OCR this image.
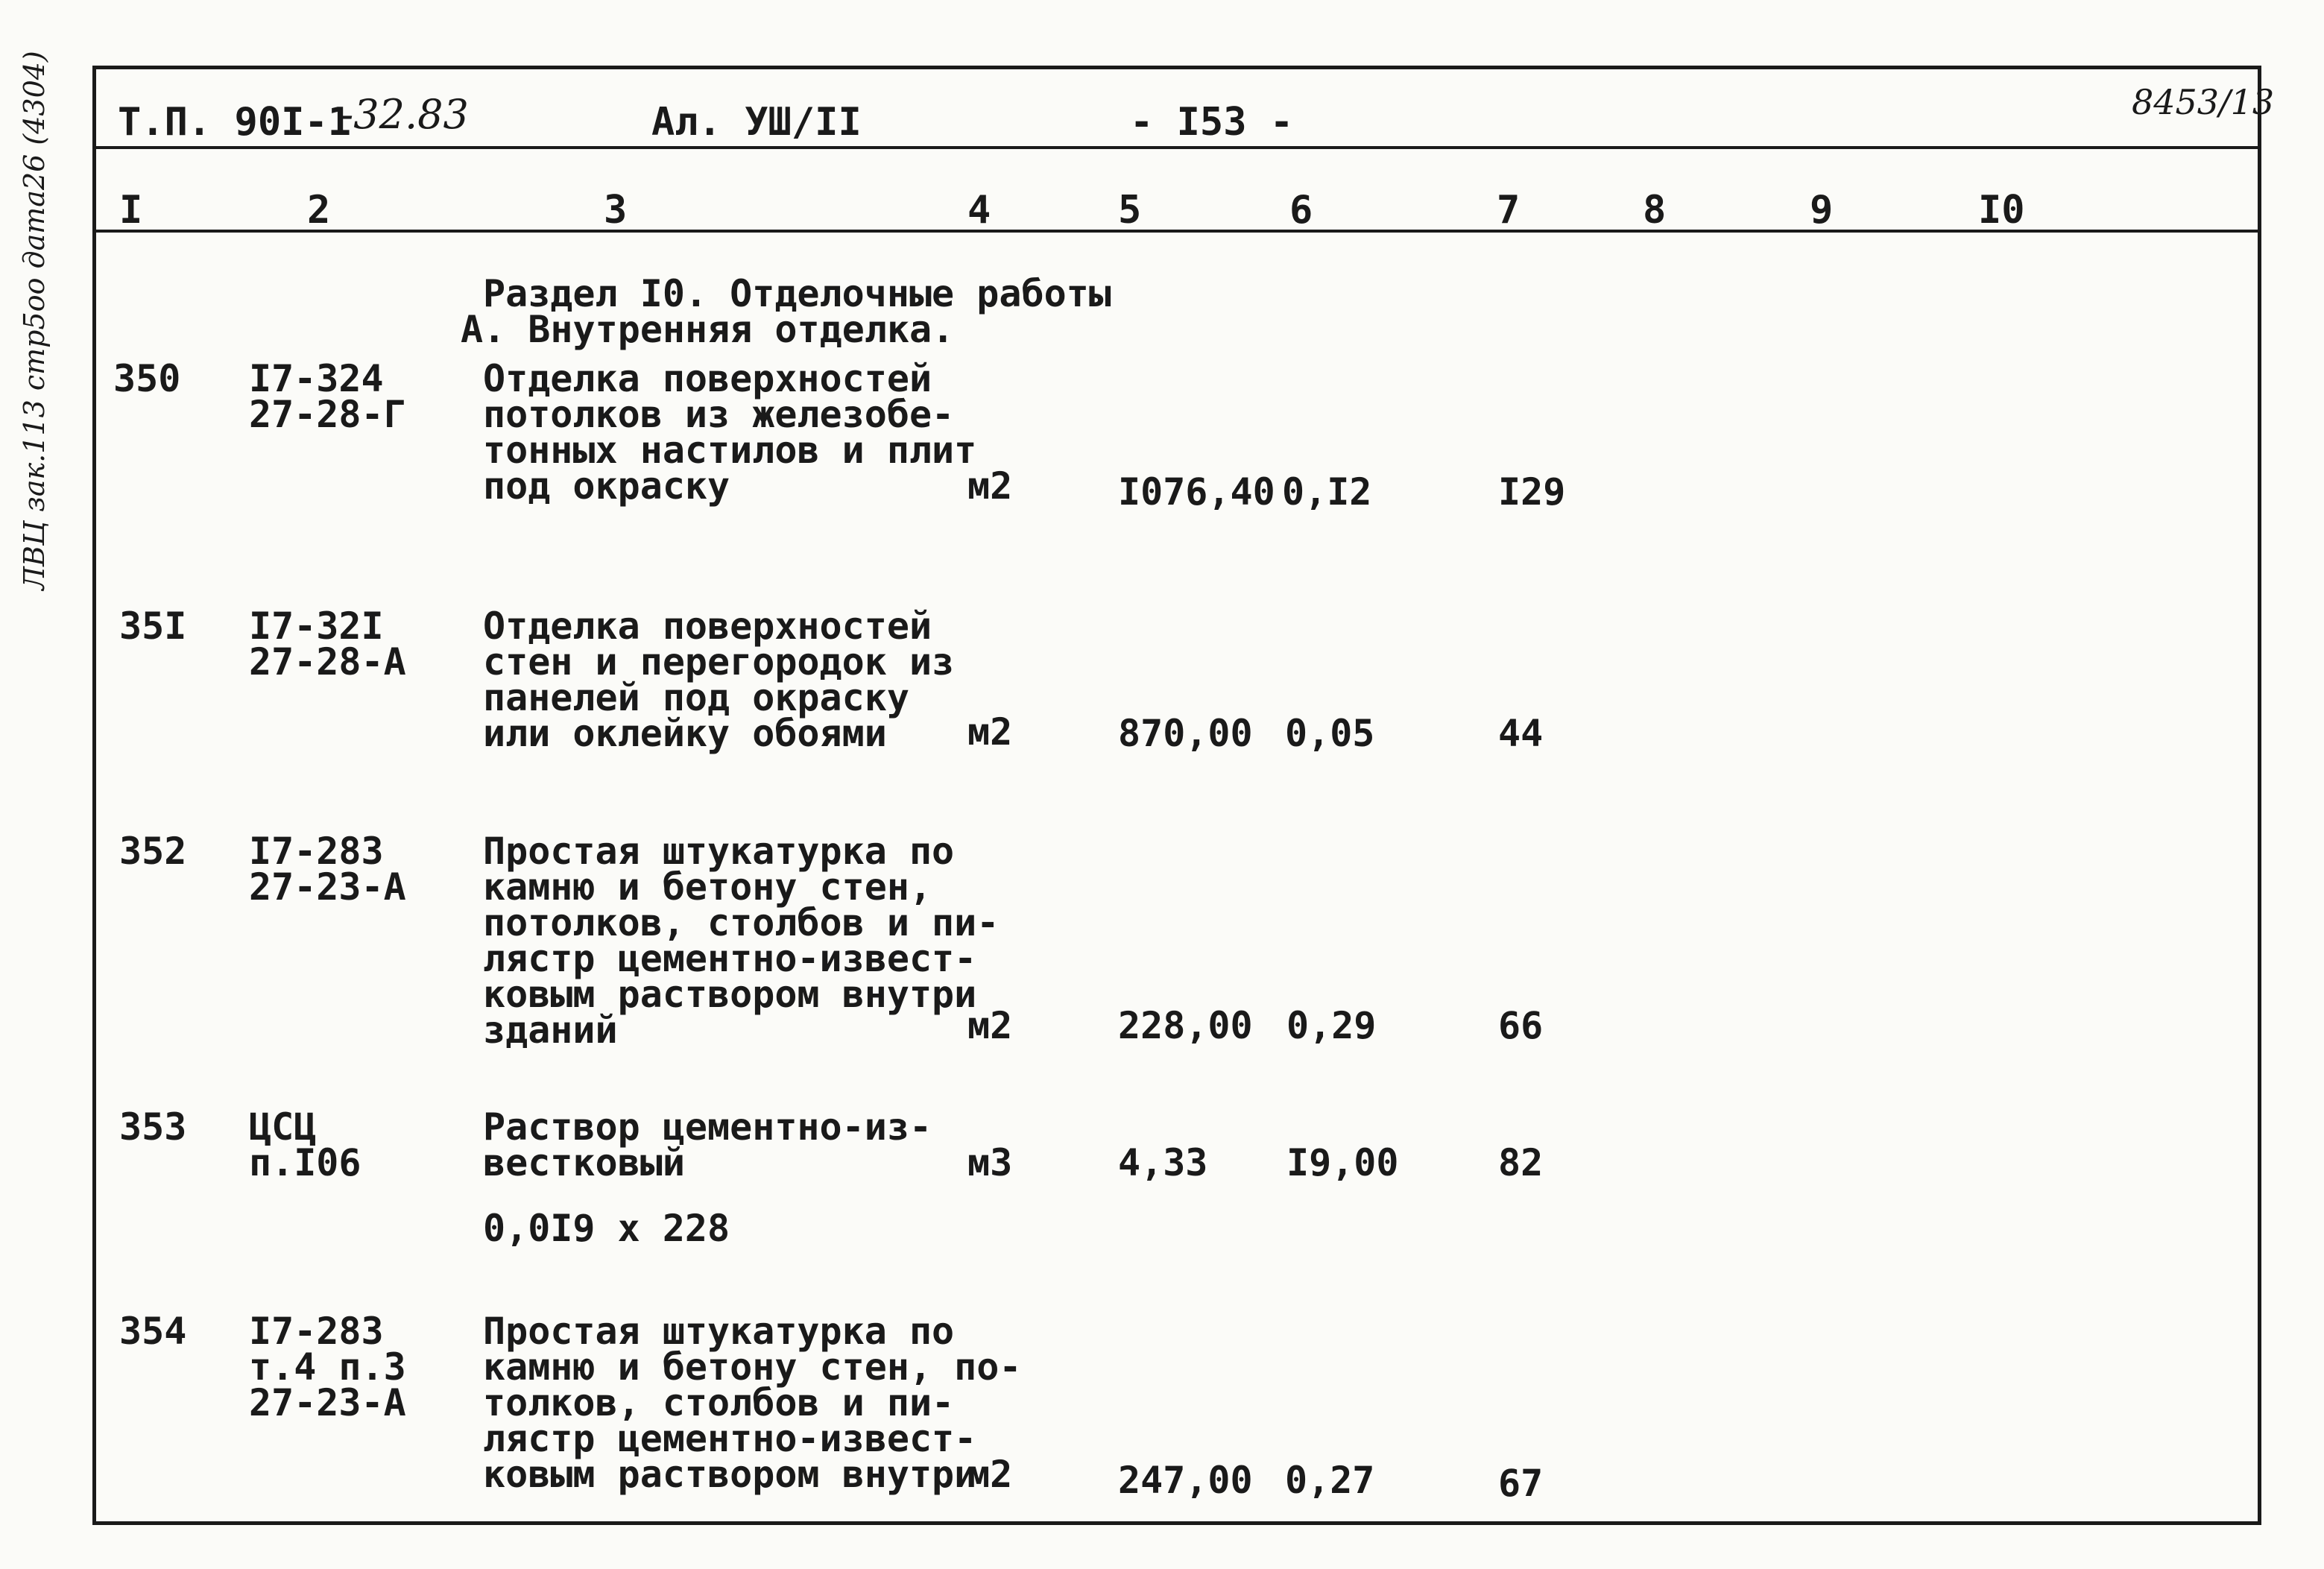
ЛВЦ зак.113 стр5оо дата26 (4304) Т.П. 90I-1
-32.83	Ал. УШ/II	- I53 -	8453/13
I	2	3	4	5	6	7	8	9	I0
Раздел I0. Отделочные работы
А. Внутренняя отделка.
350 I7-324
27-28-Г
Отделка поверхностей
потолков из железобе-
тонных настилов и плит
под окраску	м2	I076,40 0,I2	I29
35I I7-32I
27-28-А
Отделка поверхностей
стен и перегородок из
панелей под окраску
или оклейку обоями	м2	870,00 0,05	44
352 I7-283
27-23-А
Простая штукатурка по
камню и бетону стен,
потолков, столбов и пи-
лястр цементно-извест-
ковым раствором внутри
зданий	м2	228,00 0,29	66
353 ЦСЦ
п.I06
Раствор цементно-из-
вестковый	м3	4,33 I9,00	82
0,0I9 х 228
354 I7-283
т.4 п.3
27-23-А
Простая штукатурка по
камню и бетону стен, по-
толков, столбов и пи-
лястр цементно-извест-
ковым раствором внутри
м2	247,00 0,27	67
